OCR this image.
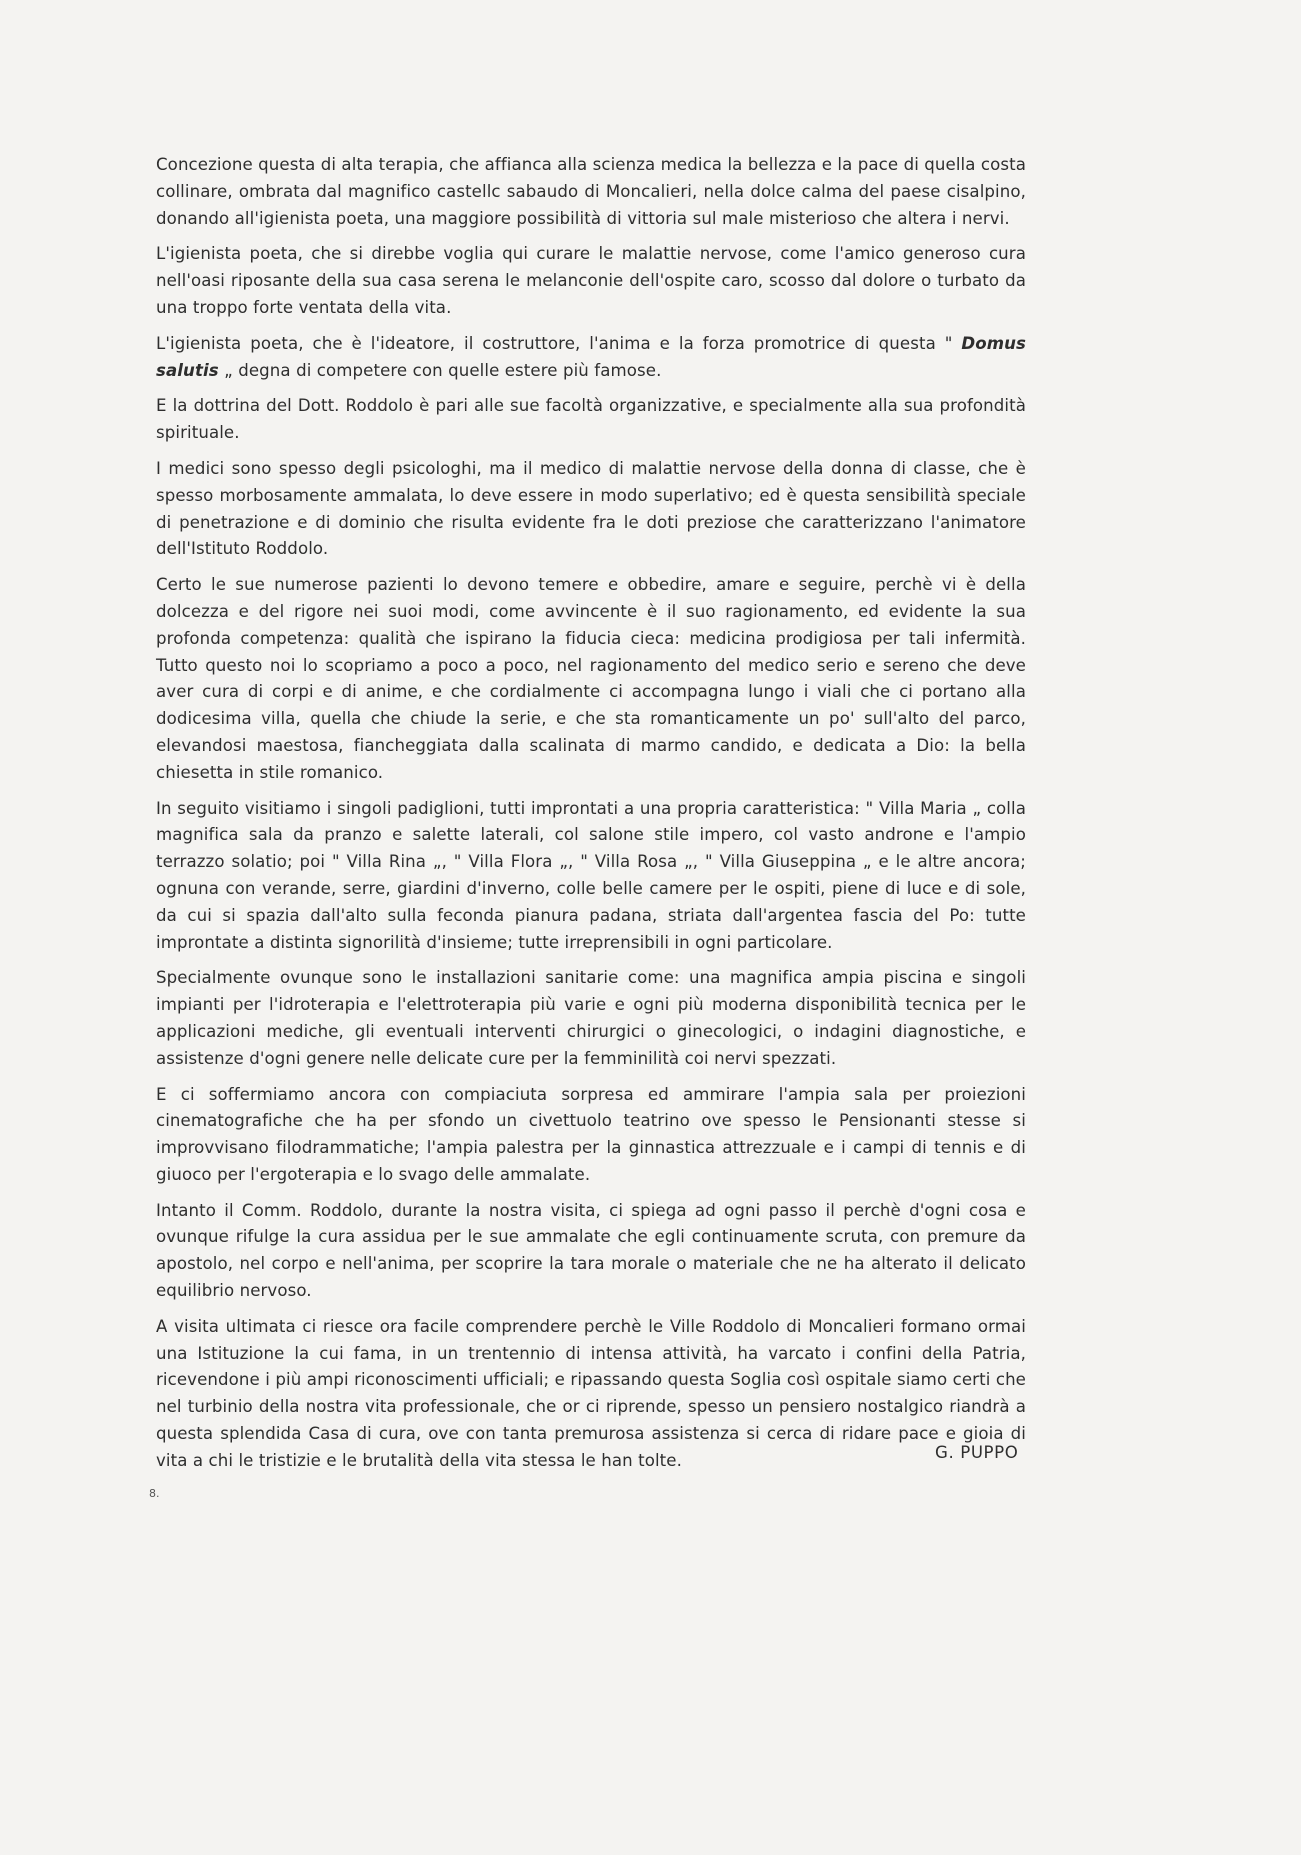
Concezione questa di alta terapia, che affianca alla scienza medica la bellezza e la pace di quella costa collinare, ombrata dal magnifico castellc sabaudo di Moncalieri, nella dolce calma del paese cisalpino, donando all'igienista poeta, una maggiore possibilità di vittoria sul male misterioso che altera i nervi.

L'igienista poeta, che si direbbe voglia qui curare le malattie nervose, come l'amico generoso cura nell'oasi riposante della sua casa serena le melanconie dell'ospite caro, scosso dal dolore o turbato da una troppo forte ventata della vita.

L'igienista poeta, che è l'ideatore, il costruttore, l'anima e la forza promotrice di questa " Domus salutis „ degna di competere con quelle estere più famose.

E la dottrina del Dott. Roddolo è pari alle sue facoltà organizzative, e specialmente alla sua profondità spirituale.

I medici sono spesso degli psicologhi, ma il medico di malattie nervose della donna di classe, che è spesso morbosamente ammalata, lo deve essere in modo superlativo; ed è questa sensibilità speciale di penetrazione e di dominio che risulta evidente fra le doti preziose che caratterizzano l'animatore dell'Istituto Roddolo.

Certo le sue numerose pazienti lo devono temere e obbedire, amare e seguire, perchè vi è della dolcezza e del rigore nei suoi modi, come avvincente è il suo ragionamento, ed evidente la sua profonda competenza: qualità che ispirano la fiducia cieca: medicina prodigiosa per tali infermità. Tutto questo noi lo scopriamo a poco a poco, nel ragionamento del medico serio e sereno che deve aver cura di corpi e di anime, e che cordialmente ci accompagna lungo i viali che ci portano alla dodicesima villa, quella che chiude la serie, e che sta romanticamente un po' sull'alto del parco, elevandosi maestosa, fiancheggiata dalla scalinata di marmo candido, e dedicata a Dio: la bella chiesetta in stile romanico.

In seguito visitiamo i singoli padiglioni, tutti improntati a una propria caratteristica: " Villa Maria „ colla magnifica sala da pranzo e salette laterali, col salone stile impero, col vasto androne e l'ampio terrazzo solatio; poi " Villa Rina „, " Villa Flora „, " Villa Rosa „, " Villa Giuseppina „ e le altre ancora; ognuna con verande, serre, giardini d'inverno, colle belle camere per le ospiti, piene di luce e di sole, da cui si spazia dall'alto sulla feconda pianura padana, striata dall'argentea fascia del Po: tutte improntate a distinta signorilità d'insieme; tutte irreprensibili in ogni particolare.

Specialmente ovunque sono le installazioni sanitarie come: una magnifica ampia piscina e singoli impianti per l'idroterapia e l'elettroterapia più varie e ogni più moderna disponibilità tecnica per le applicazioni mediche, gli eventuali interventi chirurgici o ginecologici, o indagini diagnostiche, e assistenze d'ogni genere nelle delicate cure per la femminilità coi nervi spezzati.

E ci soffermiamo ancora con compiaciuta sorpresa ed ammirare l'ampia sala per proiezioni cinematografiche che ha per sfondo un civettuolo teatrino ove spesso le Pensionanti stesse si improvvisano filodrammatiche; l'ampia palestra per la ginnastica attrezzuale e i campi di tennis e di giuoco per l'ergoterapia e lo svago delle ammalate.

Intanto il Comm. Roddolo, durante la nostra visita, ci spiega ad ogni passo il perchè d'ogni cosa e ovunque rifulge la cura assidua per le sue ammalate che egli continuamente scruta, con premure da apostolo, nel corpo e nell'anima, per scoprire la tara morale o materiale che ne ha alterato il delicato equilibrio nervoso.

A visita ultimata ci riesce ora facile comprendere perchè le Ville Roddolo di Moncalieri formano ormai una Istituzione la cui fama, in un trentennio di intensa attività, ha varcato i confini della Patria, ricevendone i più ampi riconoscimenti ufficiali; e ripassando questa Soglia così ospitale siamo certi che nel turbinio della nostra vita professionale, che or ci riprende, spesso un pensiero nostalgico riandrà a questa splendida Casa di cura, ove con tanta premurosa assistenza si cerca di ridare pace e gioia di vita a chi le tristizie e le brutalità della vita stessa le han tolte.	G. PUPPO
8.
